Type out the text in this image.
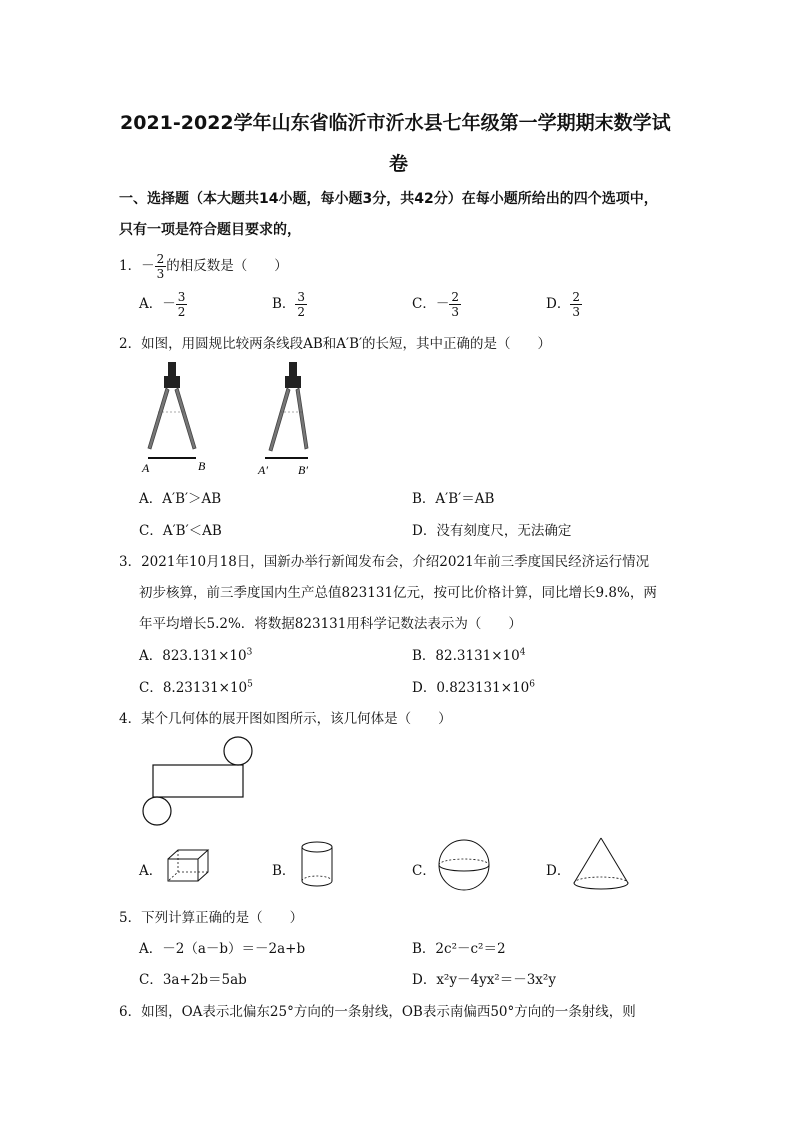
2021-2022学年山东省临沂市沂水县七年级第一学期期末数学试
卷
一、选择题（本大题共14小题，每小题3分，共42分）在每小题所给出的四个选项中，
只有一项是符合题目要求的，
1．－ $\frac{2}{3}$ 的相反数是（　　）
A．－ $\frac{3}{2}$	B． $\frac{3}{2}$	C．－ $\frac{2}{3}$	D． $\frac{2}{3}$
2．如图，用圆规比较两条线段AB和A′B′的长短，其中正确的是（　　）
A	B	A′	B′
A．A′B′＞AB	B．A′B′＝AB
C．A′B′＜AB	D．没有刻度尺，无法确定
3．2021年10月18日，国新办举行新闻发布会，介绍2021年前三季度国民经济运行情况
初步核算，前三季度国内生产总值823131亿元，按可比价格计算，同比增长9.8%，两
年平均增长5.2%．将数据823131用科学记数法表示为（　　）
A．$823.131\times 10^3$	B．$82.3131\times 10^4$
C．$8.23131\times 10^5$	D．$0.823131\times 10^6$
4．某个几何体的展开图如图所示，该几何体是（　　）
A．	B．	C．	D．
5．下列计算正确的是（　　）
A．－2（a－b）＝－2a+b	B．2c²－c²＝2
C．3a+2b＝5ab	D．x²y－4yx²＝－3x²y
6．如图，OA表示北偏东25°方向的一条射线，OB表示南偏西50°方向的一条射线，则
